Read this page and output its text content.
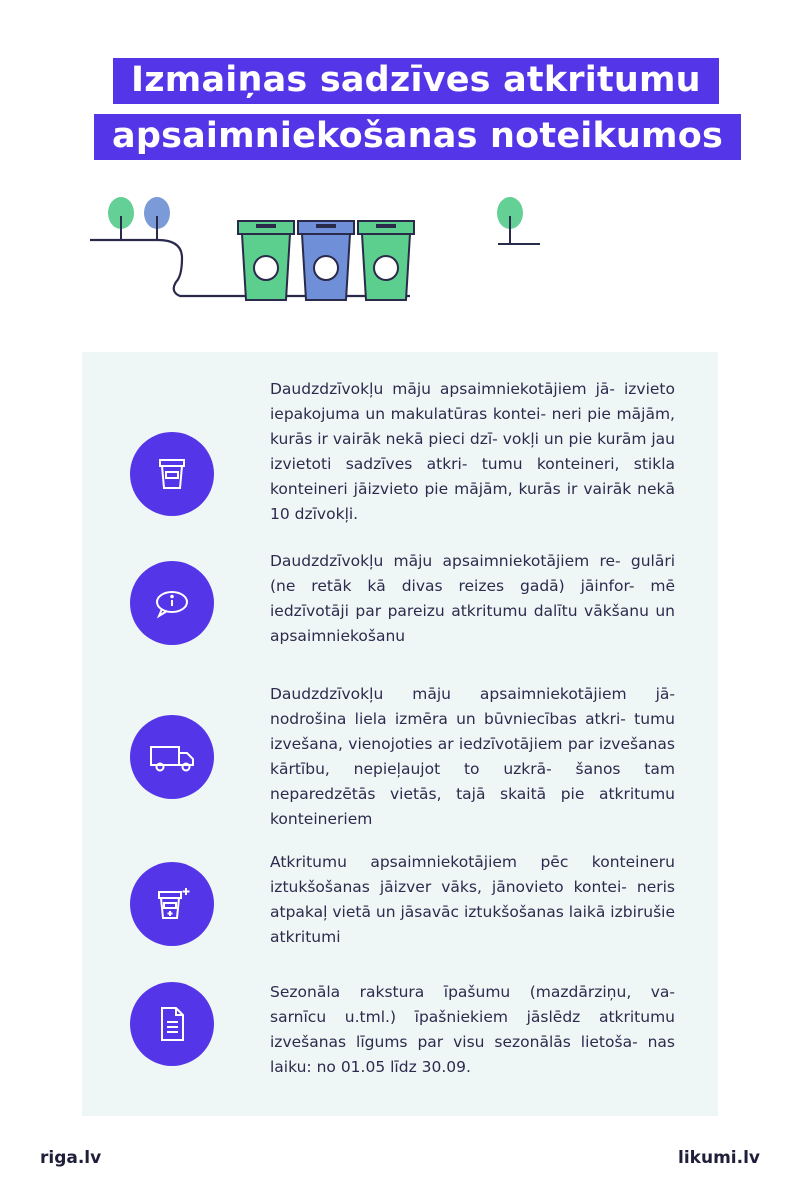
Izmaiņas sadzīves atkritumu
apsaimniekošanas noteikumos

Daudzdzīvokļu māju apsaimniekotājiem jā- izvieto iepakojuma un makulatūras kontei- neri pie mājām, kurās ir vairāk nekā pieci dzī- vokļi un pie kurām jau izvietoti sadzīves atkri- tumu konteineri, stikla konteineri jāizvieto pie mājām, kurās ir vairāk nekā 10 dzīvokļi.

Daudzdzīvokļu māju apsaimniekotājiem re- gulāri (ne retāk kā divas reizes gadā) jāinfor- mē iedzīvotāji par pareizu atkritumu dalītu vākšanu un apsaimniekošanu

Daudzdzīvokļu māju apsaimniekotājiem jā- nodrošina liela izmēra un būvniecības atkri- tumu izvešana, vienojoties ar iedzīvotājiem par izvešanas kārtību, nepieļaujot to uzkrā- šanos tam neparedzētās vietās, tajā skaitā pie atkritumu konteineriem

Atkritumu apsaimniekotājiem pēc konteineru iztukšošanas jāizver vāks, jānovieto kontei- neris atpakaļ vietā un jāsavāc iztukšošanas laikā izbirušie atkritumi

Sezonāla rakstura īpašumu (mazdārziņu, va- sarnīcu u.tml.) īpašniekiem jāslēdz atkritumu izvešanas līgums par visu sezonālās lietoša- nas laiku: no 01.05 līdz 30.09.

riga.lv	likumi.lv
